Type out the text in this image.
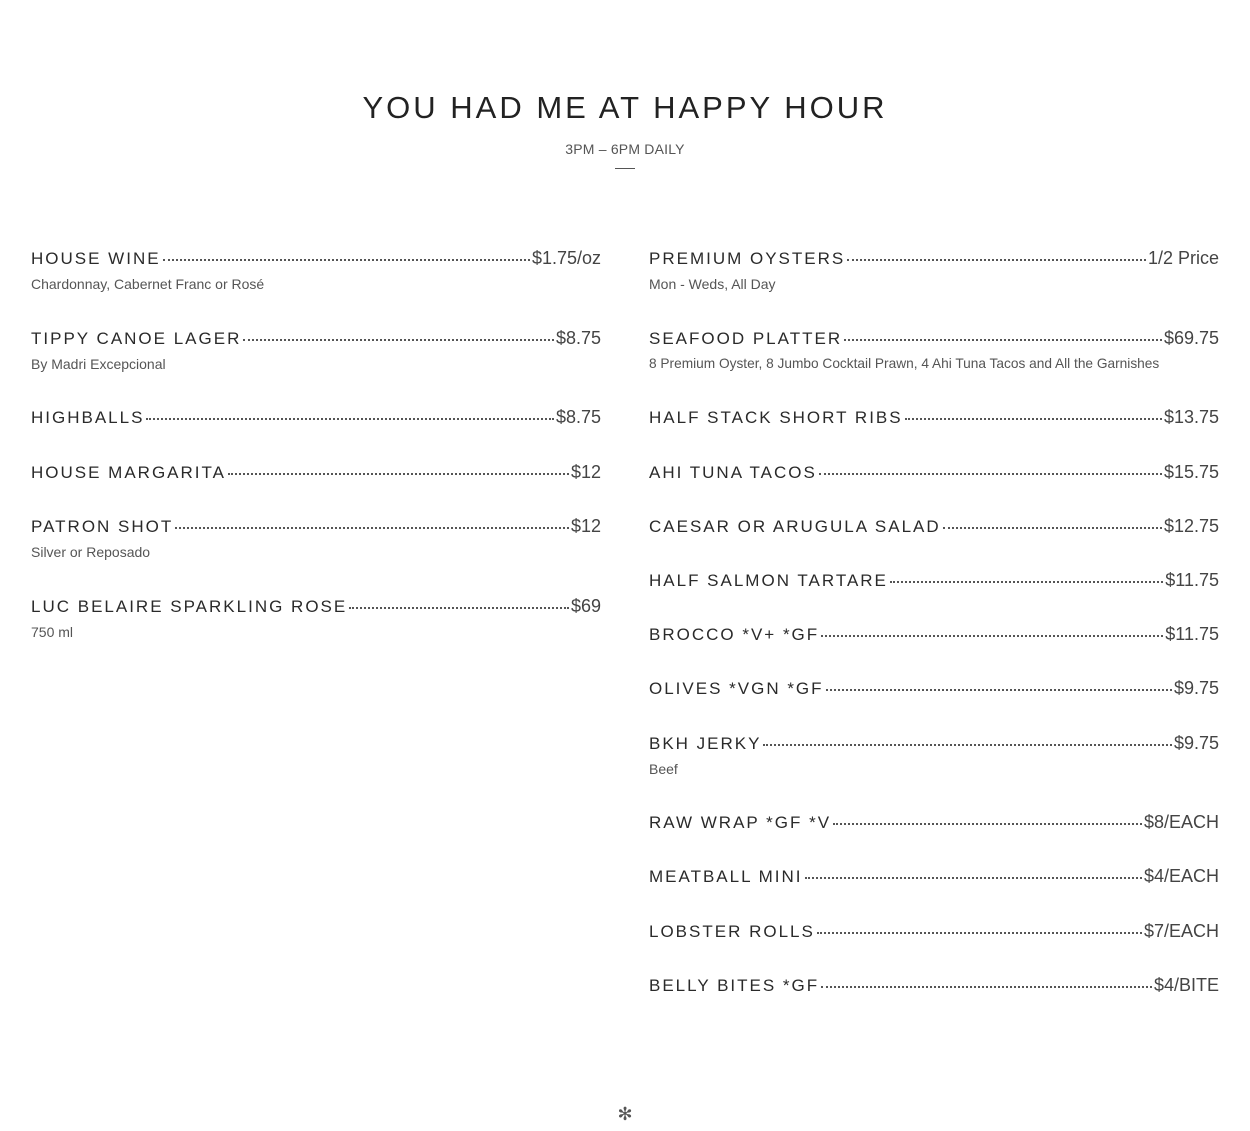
YOU HAD ME AT HAPPY HOUR
3PM – 6PM DAILY
HOUSE WINE	$1.75/oz
Chardonnay, Cabernet Franc or Rosé
TIPPY CANOE LAGER	$8.75
By Madri Excepcional
HIGHBALLS	$8.75
HOUSE MARGARITA	$12
PATRON SHOT	$12
Silver or Reposado
LUC BELAIRE SPARKLING ROSE	$69
750 ml
PREMIUM OYSTERS	1/2 Price
Mon - Weds, All Day
SEAFOOD PLATTER	$69.75
8 Premium Oyster, 8 Jumbo Cocktail Prawn, 4 Ahi Tuna Tacos and All the Garnishes
HALF STACK SHORT RIBS	$13.75
AHI TUNA TACOS	$15.75
CAESAR OR ARUGULA SALAD	$12.75
HALF SALMON TARTARE	$11.75
BROCCO *V+ *GF	$11.75
OLIVES *VGN *GF	$9.75
BKH JERKY	$9.75
Beef
RAW WRAP *GF *V	$8/EACH
MEATBALL MINI	$4/EACH
LOBSTER ROLLS	$7/EACH
BELLY BITES *GF	$4/BITE
✻
